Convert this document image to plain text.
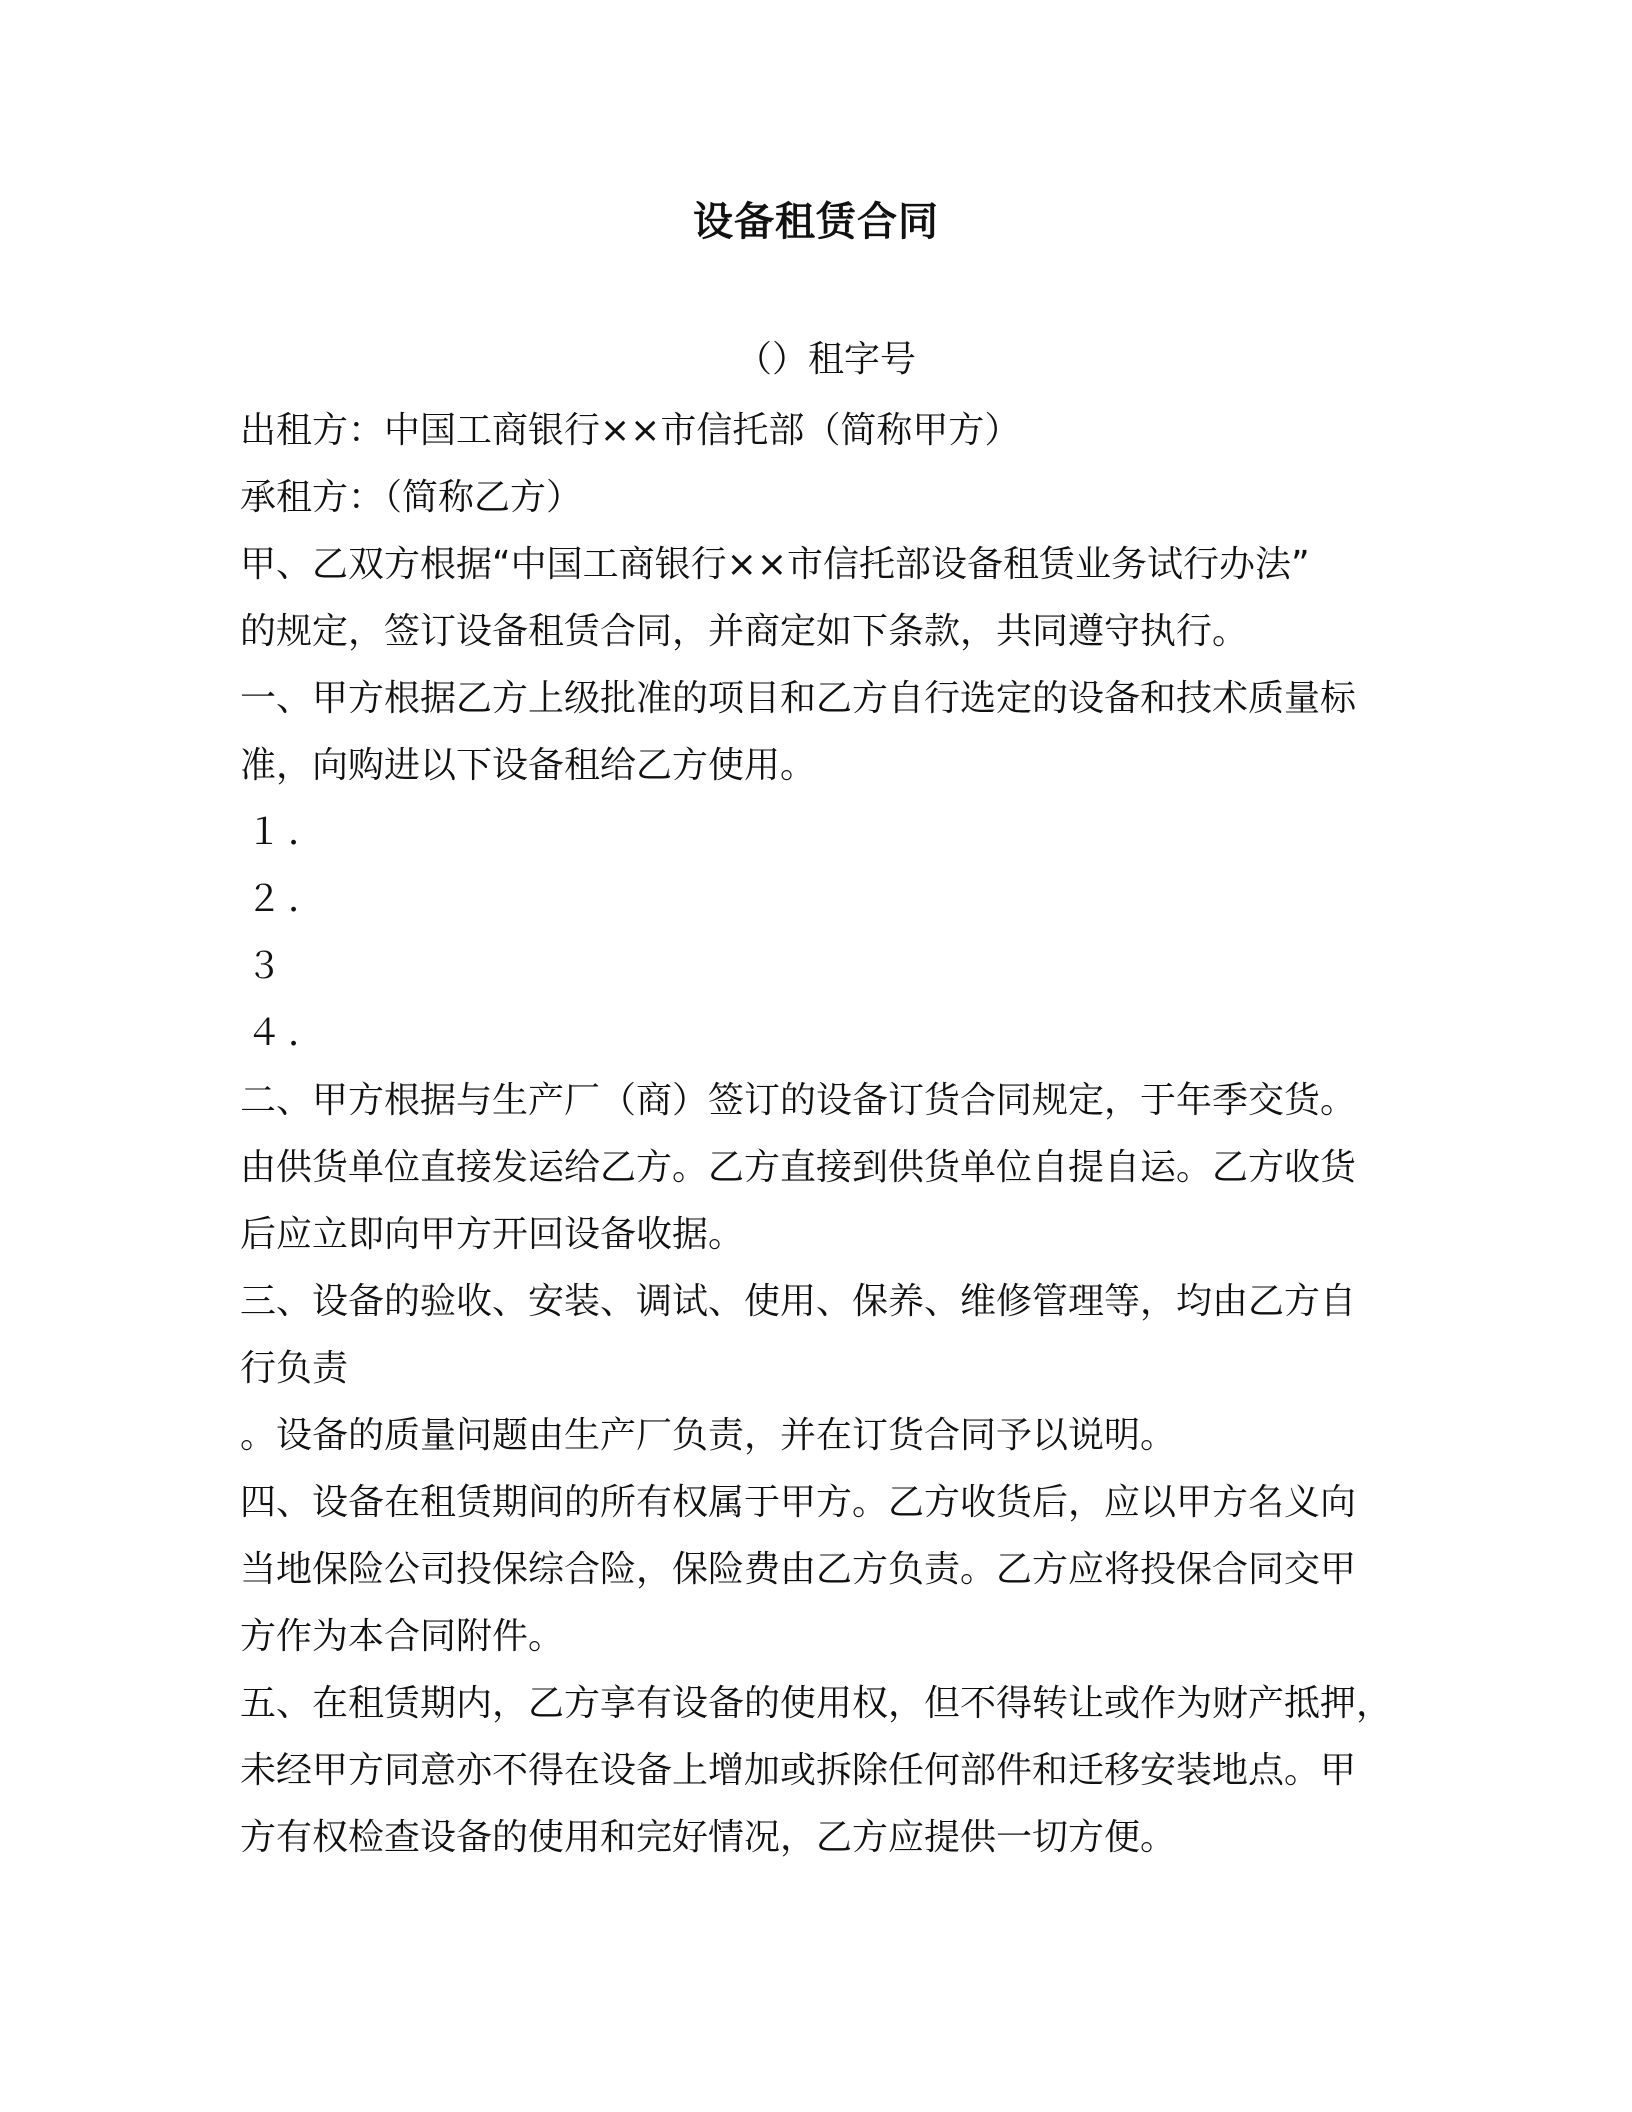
设备租赁合同
（）租字号
出租方：中国工商银行××市信托部（简称甲方）
承租方：（简称乙方）
甲、乙双方根据“中国工商银行××市信托部设备租赁业务试行办法”
的规定，签订设备租赁合同，并商定如下条款，共同遵守执行。
一、甲方根据乙方上级批准的项目和乙方自行选定的设备和技术质量标
准，向购进以下设备租给乙方使用。
１．
２．
３
４．
二、甲方根据与生产厂（商）签订的设备订货合同规定，于年季交货。
由供货单位直接发运给乙方。乙方直接到供货单位自提自运。乙方收货
后应立即向甲方开回设备收据。
三、设备的验收、安装、调试、使用、保养、维修管理等，均由乙方自
行负责
。设备的质量问题由生产厂负责，并在订货合同予以说明。
四、设备在租赁期间的所有权属于甲方。乙方收货后，应以甲方名义向
当地保险公司投保综合险，保险费由乙方负责。乙方应将投保合同交甲
方作为本合同附件。
五、在租赁期内，乙方享有设备的使用权，但不得转让或作为财产抵押，
未经甲方同意亦不得在设备上增加或拆除任何部件和迁移安装地点。甲
方有权检查设备的使用和完好情况，乙方应提供一切方便。
